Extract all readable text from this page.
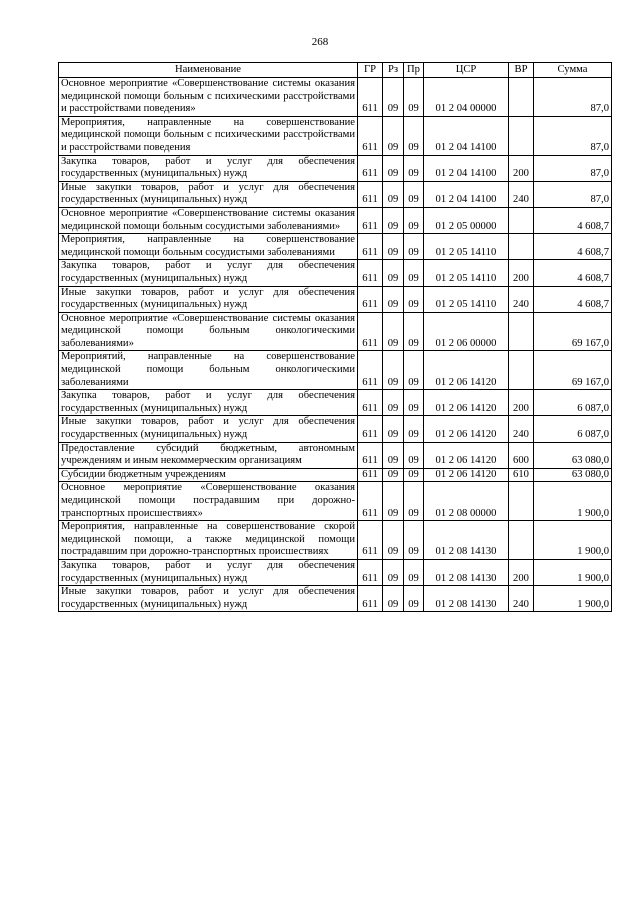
268
Наименование	ГР	Рз	Пр	ЦСР	ВР	Сумма
Основное мероприятие «Совершенствование системы оказания медицинской помощи больным с психическими расстройствами и расстройствами поведения»	611	09	09	01 2 04 00000		87,0
Мероприятия, направленные на совершенствование медицинской помощи больным с психическими расстройствами и расстройствами поведения	611	09	09	01 2 04 14100		87,0
Закупка товаров, работ и услуг для обеспечения государственных (муниципальных) нужд	611	09	09	01 2 04 14100	200	87,0
Иные закупки товаров, работ и услуг для обеспечения государственных (муниципальных) нужд	611	09	09	01 2 04 14100	240	87,0
Основное мероприятие «Совершенствование системы оказания медицинской помощи больным сосудистыми заболеваниями»	611	09	09	01 2 05 00000		4 608,7
Мероприятия, направленные на совершенствование медицинской помощи больным сосудистыми заболеваниями	611	09	09	01 2 05 14110		4 608,7
Закупка товаров, работ и услуг для обеспечения государственных (муниципальных) нужд	611	09	09	01 2 05 14110	200	4 608,7
Иные закупки товаров, работ и услуг для обеспечения государственных (муниципальных) нужд	611	09	09	01 2 05 14110	240	4 608,7
Основное мероприятие «Совершенствование системы оказания медицинской помощи больным онкологическими заболеваниями»	611	09	09	01 2 06 00000		69 167,0
Мероприятий, направленные на совершенствование медицинской помощи больным онкологическими заболеваниями	611	09	09	01 2 06 14120		69 167,0
Закупка товаров, работ и услуг для обеспечения государственных (муниципальных) нужд	611	09	09	01 2 06 14120	200	6 087,0
Иные закупки товаров, работ и услуг для обеспечения государственных (муниципальных) нужд	611	09	09	01 2 06 14120	240	6 087,0
Предоставление субсидий бюджетным, автономным учреждениям и иным некоммерческим организациям	611	09	09	01 2 06 14120	600	63 080,0
Субсидии бюджетным учреждениям	611	09	09	01 2 06 14120	610	63 080,0
Основное мероприятие «Совершенствование оказания медицинской помощи пострадавшим при дорожно-транспортных происшествиях»	611	09	09	01 2 08 00000		1 900,0
Мероприятия, направленные на совершенствование скорой медицинской помощи, а также медицинской помощи пострадавшим при дорожно-транспортных происшествиях	611	09	09	01 2 08 14130		1 900,0
Закупка товаров, работ и услуг для обеспечения государственных (муниципальных) нужд	611	09	09	01 2 08 14130	200	1 900,0
Иные закупки товаров, работ и услуг для обеспечения государственных (муниципальных) нужд	611	09	09	01 2 08 14130	240	1 900,0
